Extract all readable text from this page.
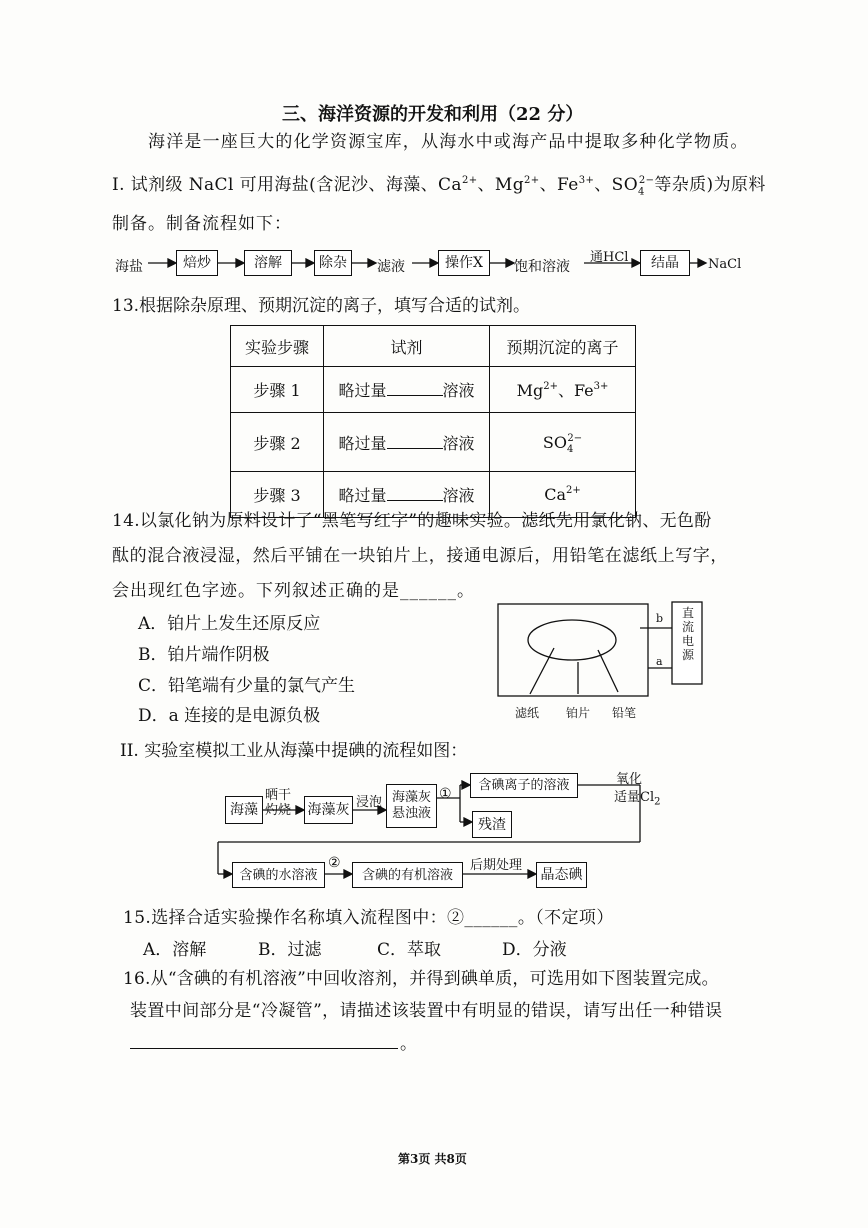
三、海洋资源的开发和利用（22 分）
海洋是一座巨大的化学资源宝库，从海水中或海产品中提取多种化学物质。
I. 试剂级 NaCl 可用海盐(含泥沙、海藻、$Ca^{2+}$、$Mg^{2+}$、$Fe^{3+}$、$SO_4^{2-}$等杂质)为原料
制备。制备流程如下：
海盐	焙炒	溶解	除杂	滤液	操作X	饱和溶液
通HCl	结晶	NaCl
13.根据除杂原理、预期沉淀的离子，填写合适的试剂。
实验步骤	试剂	预期沉淀的离子
步骤 1	略过量 溶液	$Mg^{2+}$、$Fe^{3+}$
步骤 2	略过量 溶液	$SO_4^{2-}$
步骤 3	略过量 溶液	$Ca^{2+}$
14.以氯化钠为原料设计了“黑笔写红字”的趣味实验。滤纸先用氯化钠、无色酚
酞的混合液浸湿，然后平铺在一块铂片上，接通电源后，用铅笔在滤纸上写字，
会出现红色字迹。下列叙述正确的是______。
A．铂片上发生还原反应
B．铂片端作阴极
C．铅笔端有少量的氯气产生
D．a 连接的是电源负极
直流电源
b
a
滤纸 铂片 铅笔
II. 实验室模拟工业从海藻中提碘的流程如图：
海藻
晒干
灼烧 海藻灰 浸泡 海藻灰
悬浊液
①
含碘离子的溶液
残渣
氧化
适量$Cl_2$
含碘的水溶液
②
含碘的有机溶液
后期处理
晶态碘
15.选择合适实验操作名称填入流程图中：②______。（不定项）
A．溶解	B．过滤	C．萃取	D．分液
16.从“含碘的有机溶液”中回收溶剂，并得到碘单质，可选用如下图装置完成。
装置中间部分是“冷凝管”，请描述该装置中有明显的错误，请写出任一种错误
。
第3页 共8页
